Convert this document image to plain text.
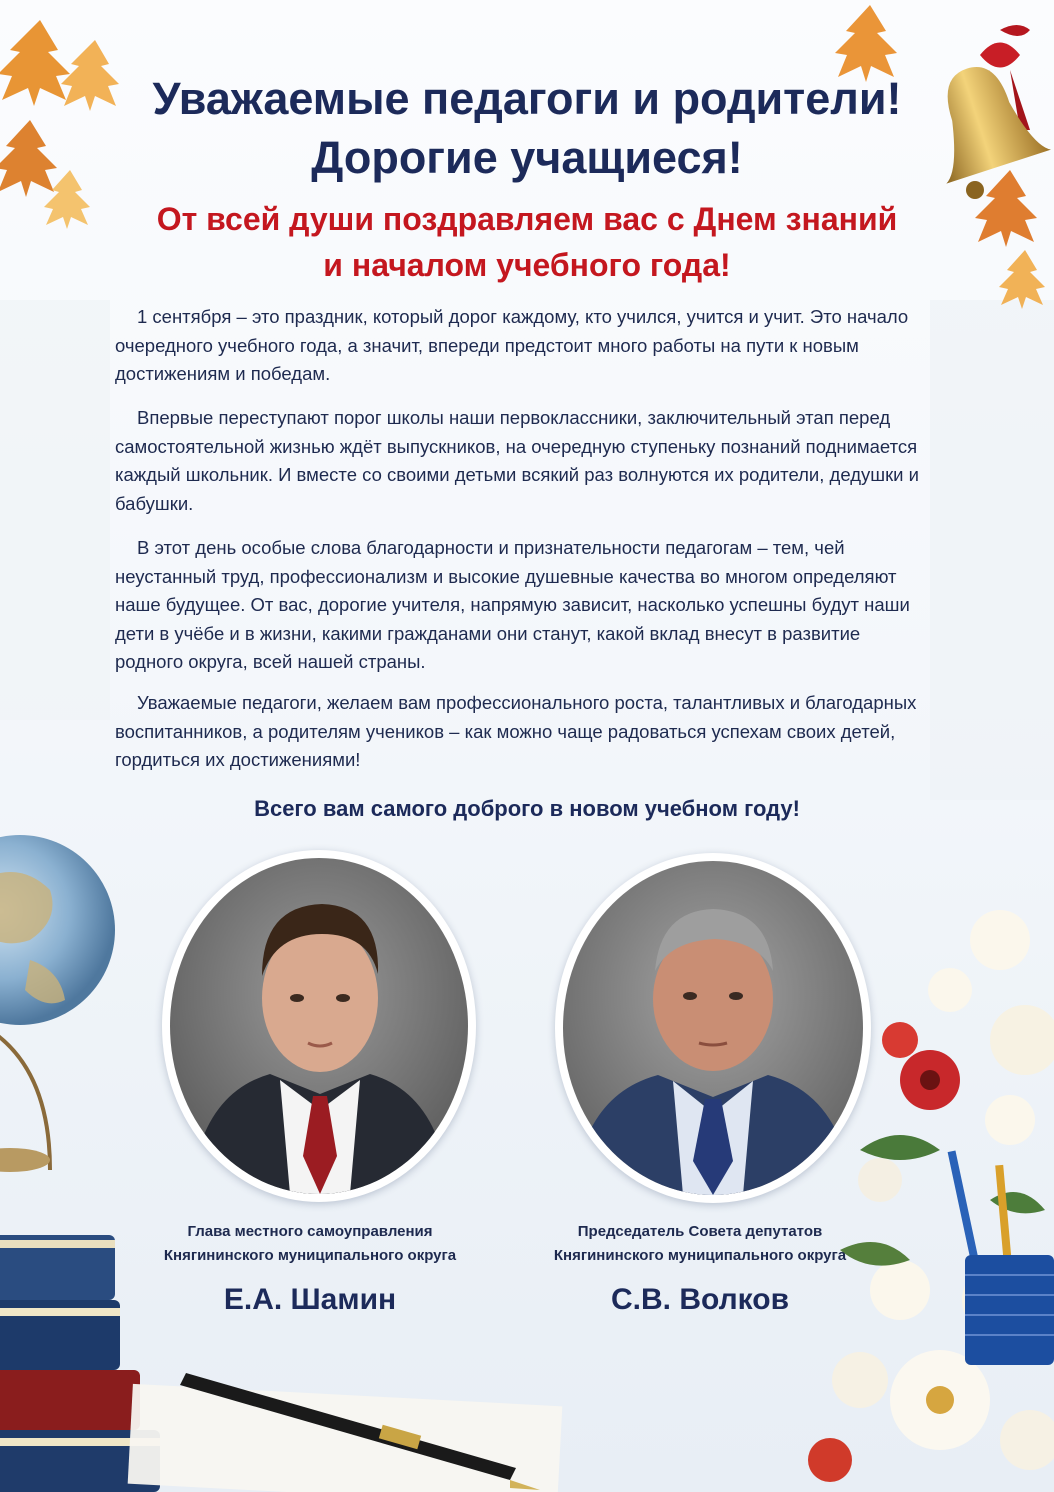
Уважаемые педагоги и родители!
Дорогие учащиеся!
От всей души поздравляем вас с Днем знаний
и началом учебного года!
1 сентября – это праздник, который дорог каждому, кто учился, учится и учит. Это начало очередного учебного года, а значит, впереди предстоит много работы на пути к новым достижениям и победам.
Впервые переступают порог школы наши первоклассники, заключительный этап перед самостоятельной жизнью ждёт выпускников, на очередную ступеньку познаний поднимается каждый школьник. И вместе со своими детьми всякий раз волнуются их родители, дедушки и бабушки.
В этот день особые слова благодарности и признательности педагогам – тем, чей неустанный труд, профессионализм и высокие душевные качества во многом определяют наше будущее. От вас, дорогие учителя, напрямую зависит, насколько успешны будут наши дети в учёбе и в жизни, какими гражданами они станут, какой вклад внесут в развитие родного округа, всей нашей страны.
Уважаемые педагоги, желаем вам профессионального роста, талантливых и благодарных воспитанников, а родителям учеников – как можно чаще радоваться успехам своих детей, гордиться их достижениями!
Всего вам самого доброго в новом учебном году!
Глава местного самоуправления
Княгининского муниципального округа
Е.А. Шамин
Председатель Совета депутатов
Княгининского муниципального округа
С.В. Волков
